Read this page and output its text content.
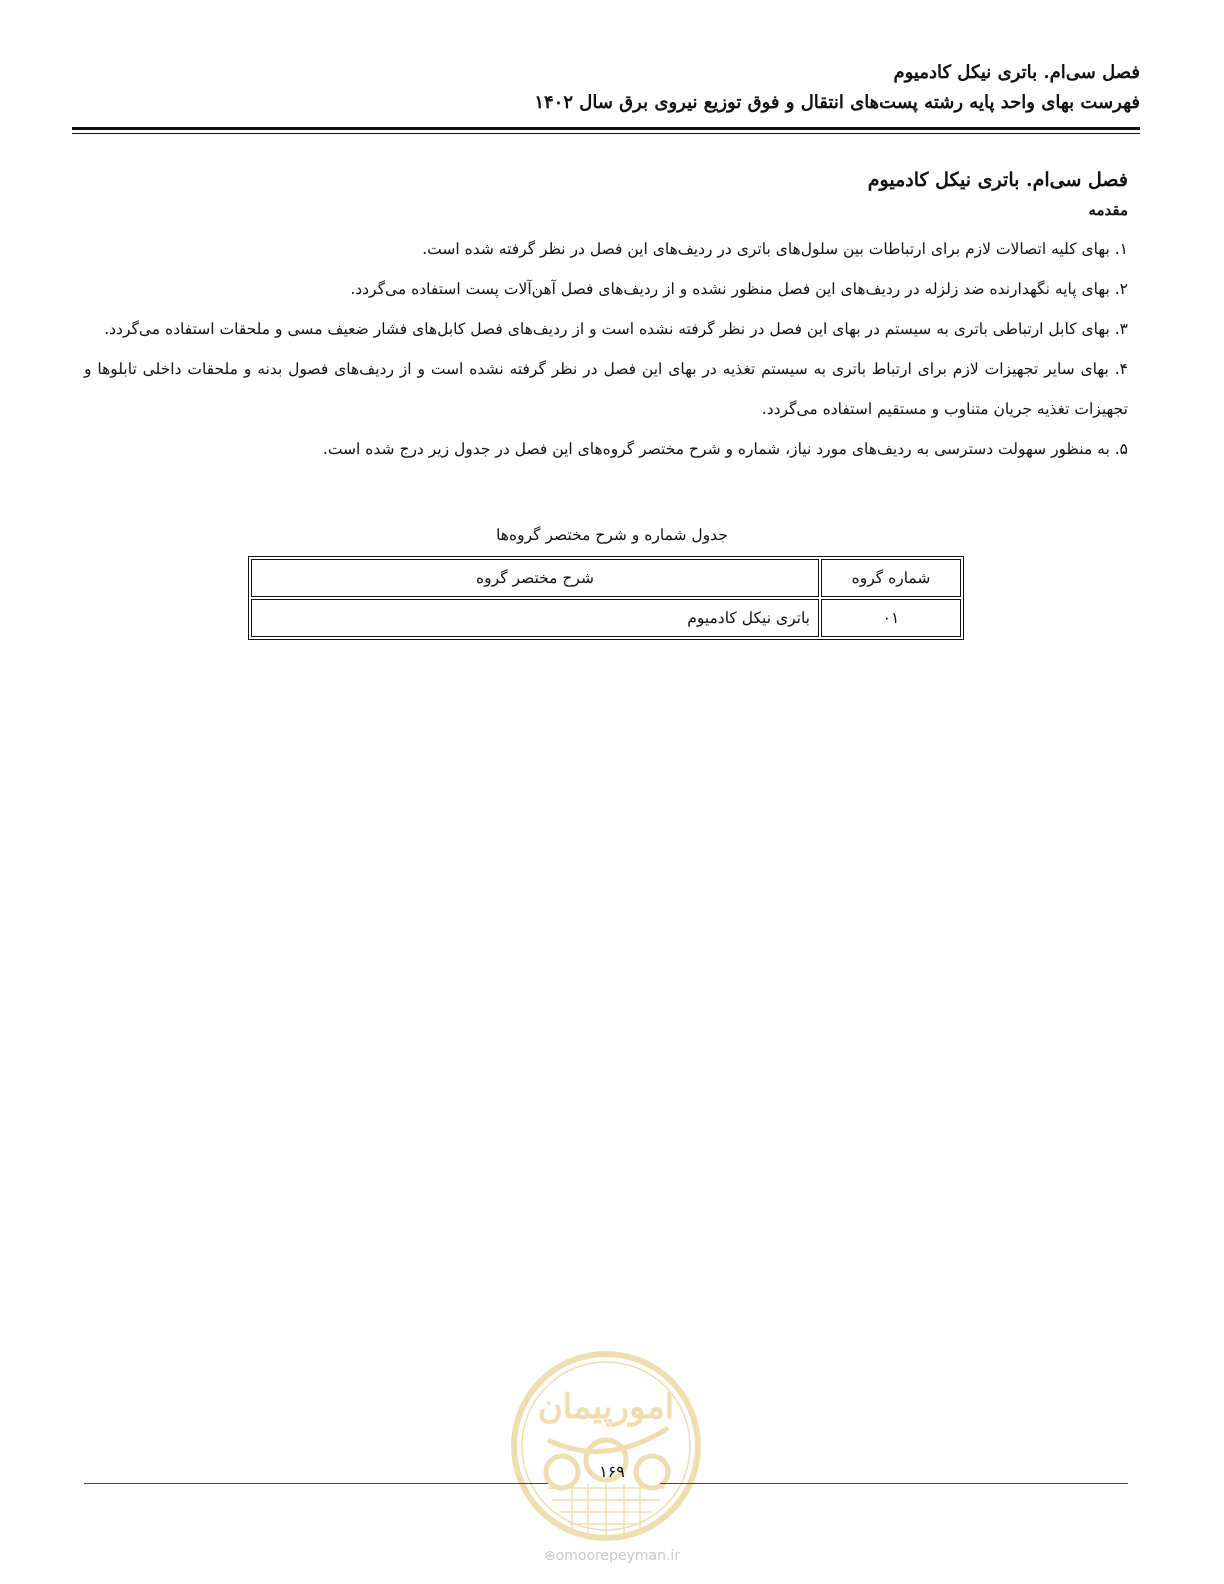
فصل سی‌ام. باتری نیکل کادمیوم
فهرست بهای واحد پایه رشته پست‌های انتقال و فوق توزیع نیروی برق سال ۱۴۰۲
فصل سی‌ام. باتری نیکل کادمیوم
مقدمه
۱. بهای کلیه اتصالات لازم برای ارتباطات بین سلول‌های باتری در ردیف‌های این فصل در نظر گرفته شده است.
۲. بهای پایه نگهدارنده ضد زلزله در ردیف‌های این فصل منظور نشده و از ردیف‌های فصل آهن‌آلات پست استفاده می‌گردد.
۳. بهای کابل ارتباطی باتری به سیستم در بهای این فصل در نظر گرفته نشده است و از ردیف‌های فصل کابل‌های فشار ضعیف مسی و ملحقات استفاده می‌گردد.
۴. بهای سایر تجهیزات لازم برای ارتباط باتری به سیستم تغذیه در بهای این فصل در نظر گرفته نشده است و از ردیف‌های فصول بدنه و ملحقات داخلی تابلوها و تجهیزات تغذیه جریان متناوب و مستقیم استفاده می‌گردد.
۵. به منظور سهولت دسترسی به ردیف‌های مورد نیاز، شماره و شرح مختصر گروه‌های این فصل در جدول زیر درج شده است.
جدول شماره و شرح مختصر گروه‌ها
شماره گروه	شرح مختصر گروه
۰۱	باتری نیکل کادمیوم
امورپیمان
۱۶۹
⊕omoorepeyman.ir
